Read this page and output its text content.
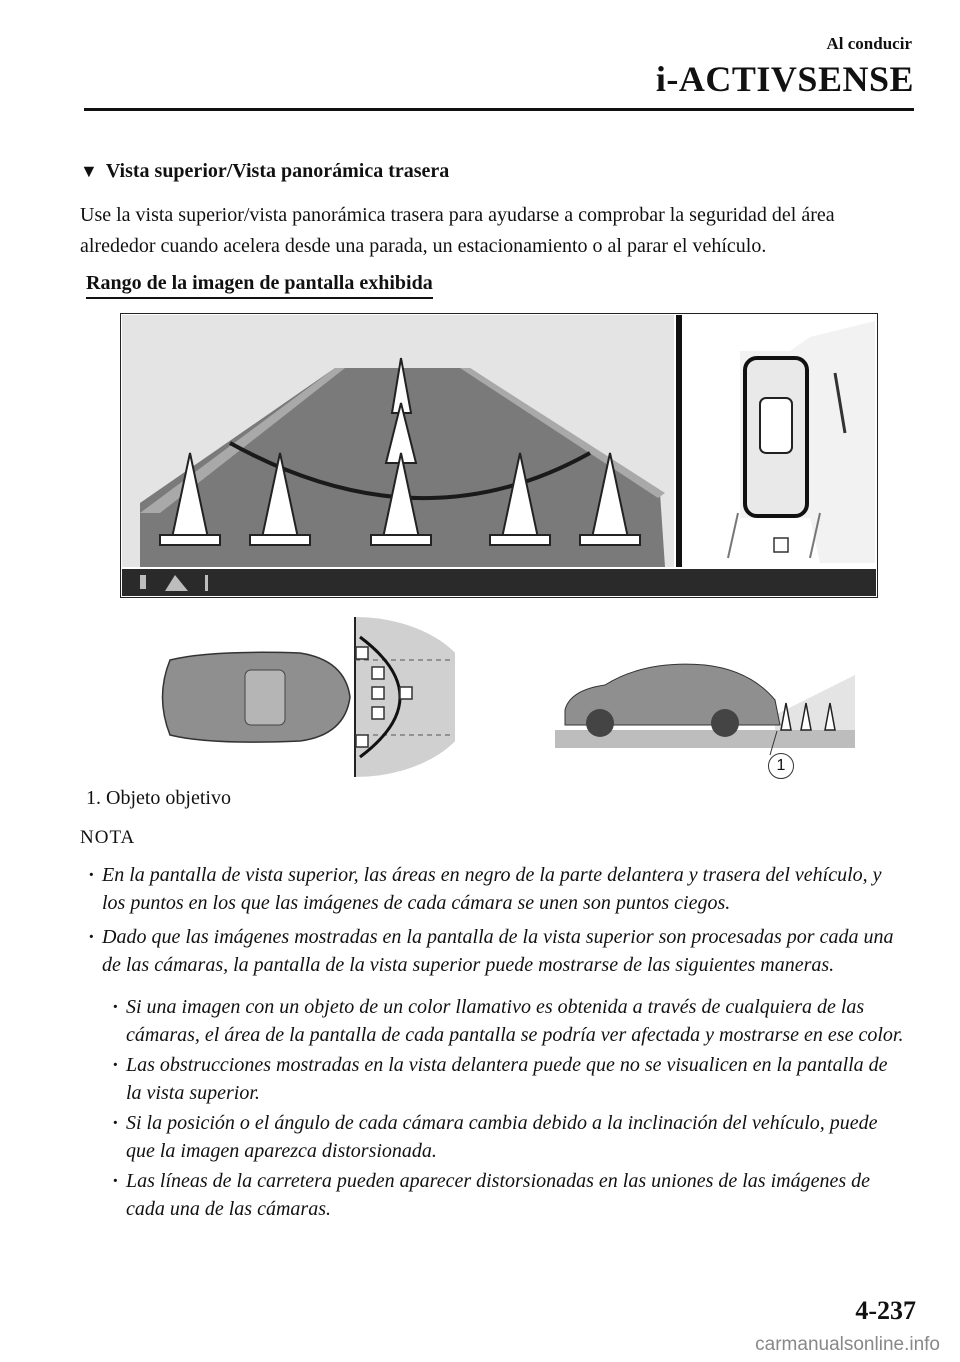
Al conducir
i-ACTIVSENSE
▼ Vista superior/Vista panorámica trasera
Use la vista superior/vista panorámica trasera para ayudarse a comprobar la seguridad del área alrededor cuando acelera desde una parada, un estacionamiento o al parar el vehículo.
Rango de la imagen de pantalla exhibida
1
1. Objeto objetivo
NOTA
· En la pantalla de vista superior, las áreas en negro de la parte delantera y trasera del vehículo, y los puntos en los que las imágenes de cada cámara se unen son puntos ciegos.
· Dado que las imágenes mostradas en la pantalla de la vista superior son procesadas por cada una de las cámaras, la pantalla de la vista superior puede mostrarse de las siguientes maneras.
· Si una imagen con un objeto de un color llamativo es obtenida a través de cualquiera de las cámaras, el área de la pantalla de cada pantalla se podría ver afectada y mostrarse en ese color.
· Las obstrucciones mostradas en la vista delantera puede que no se visualicen en la pantalla de la vista superior.
· Si la posición o el ángulo de cada cámara cambia debido a la inclinación del vehículo, puede que la imagen aparezca distorsionada.
· Las líneas de la carretera pueden aparecer distorsionadas en las uniones de las imágenes de cada una de las cámaras.
4-237
carmanualsonline.info
